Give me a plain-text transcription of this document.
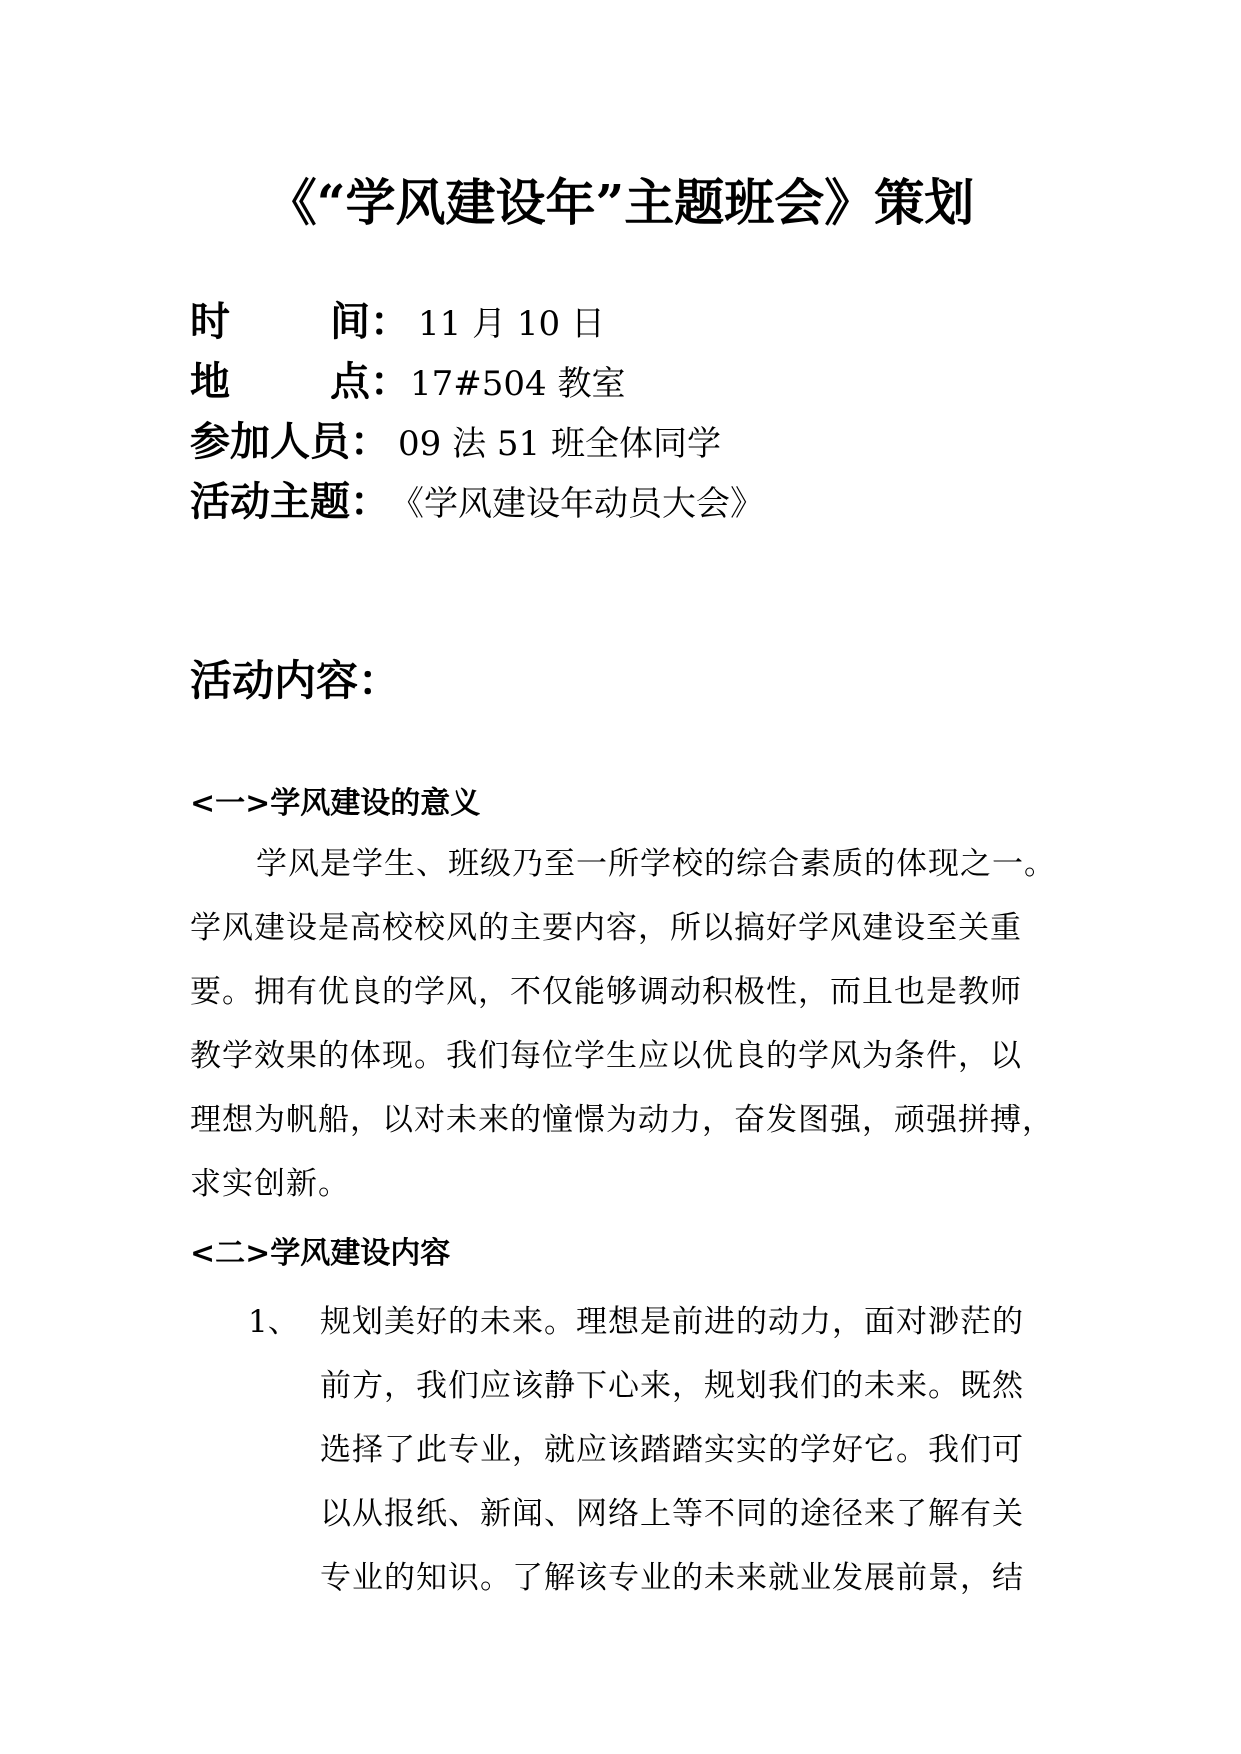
《“学风建设年”主题班会》策划
时	间 ： 11 月 10 日
地	点 ： 17#504 教室
参加人员 ： 09 法 51 班全体同学
活动主题 ： 《学风建设年动员大会》
活动内容：
<一>学风建设的意义
学风是学生、班级乃至一所学校的综合素质的体现之一。
学风建设是高校校风的主要内容，所以搞好学风建设至关重
要。拥有优良的学风，不仅能够调动积极性，而且也是教师
教学效果的体现。我们每位学生应以优良的学风为条件，以
理想为帆船，以对未来的憧憬为动力，奋发图强，顽强拼搏，
求实创新。
<二>学风建设内容
1、 规划美好的未来。理想是前进的动力，面对渺茫的
前方，我们应该静下心来，规划我们的未来。既然
选择了此专业，就应该踏踏实实的学好它。我们可
以从报纸、新闻、网络上等不同的途径来了解有关
专业的知识。了解该专业的未来就业发展前景，结
